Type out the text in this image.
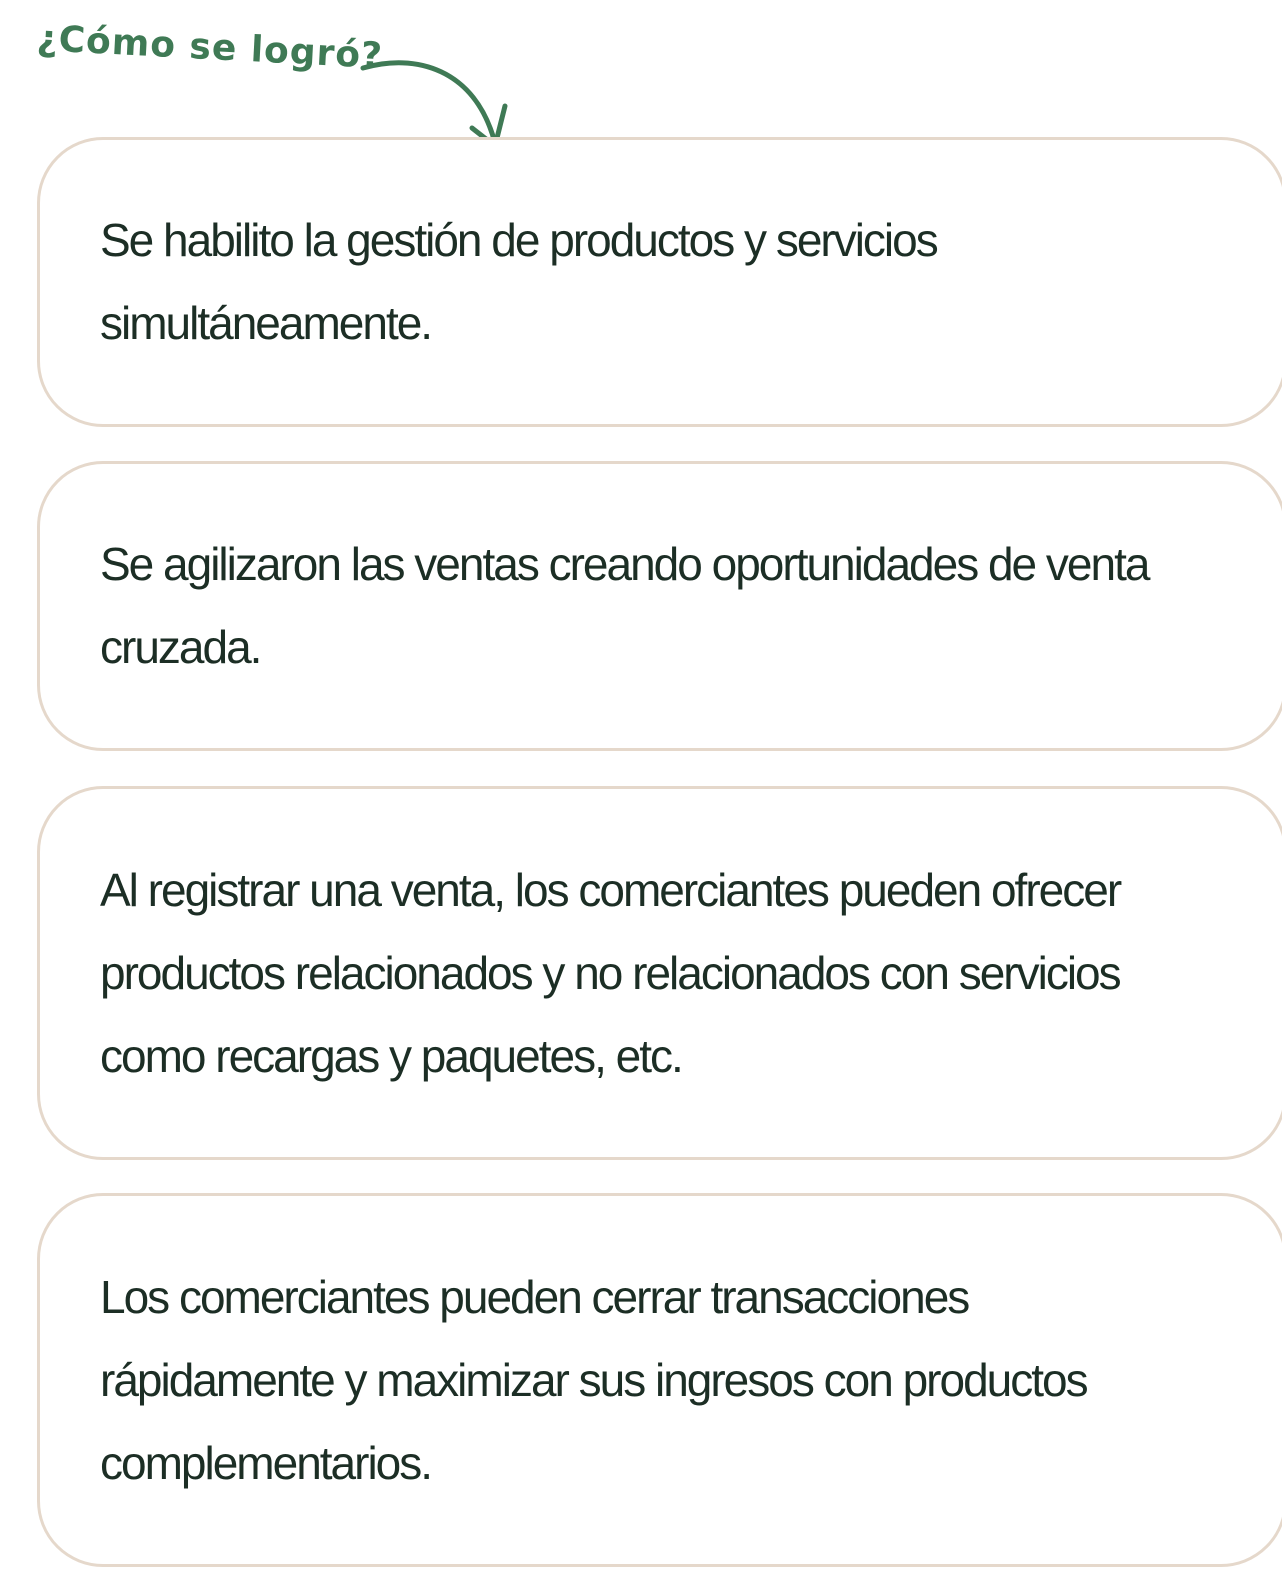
¿Cómo se logró?

Se habilito la gestión de productos y servicios simultáneamente.

Se agilizaron las ventas creando oportunidades de venta cruzada.

Al registrar una venta, los comerciantes pueden ofrecer productos relacionados y no relacionados con servicios como recargas y paquetes, etc.

Los comerciantes pueden cerrar transacciones rápidamente y maximizar sus ingresos con productos complementarios.
